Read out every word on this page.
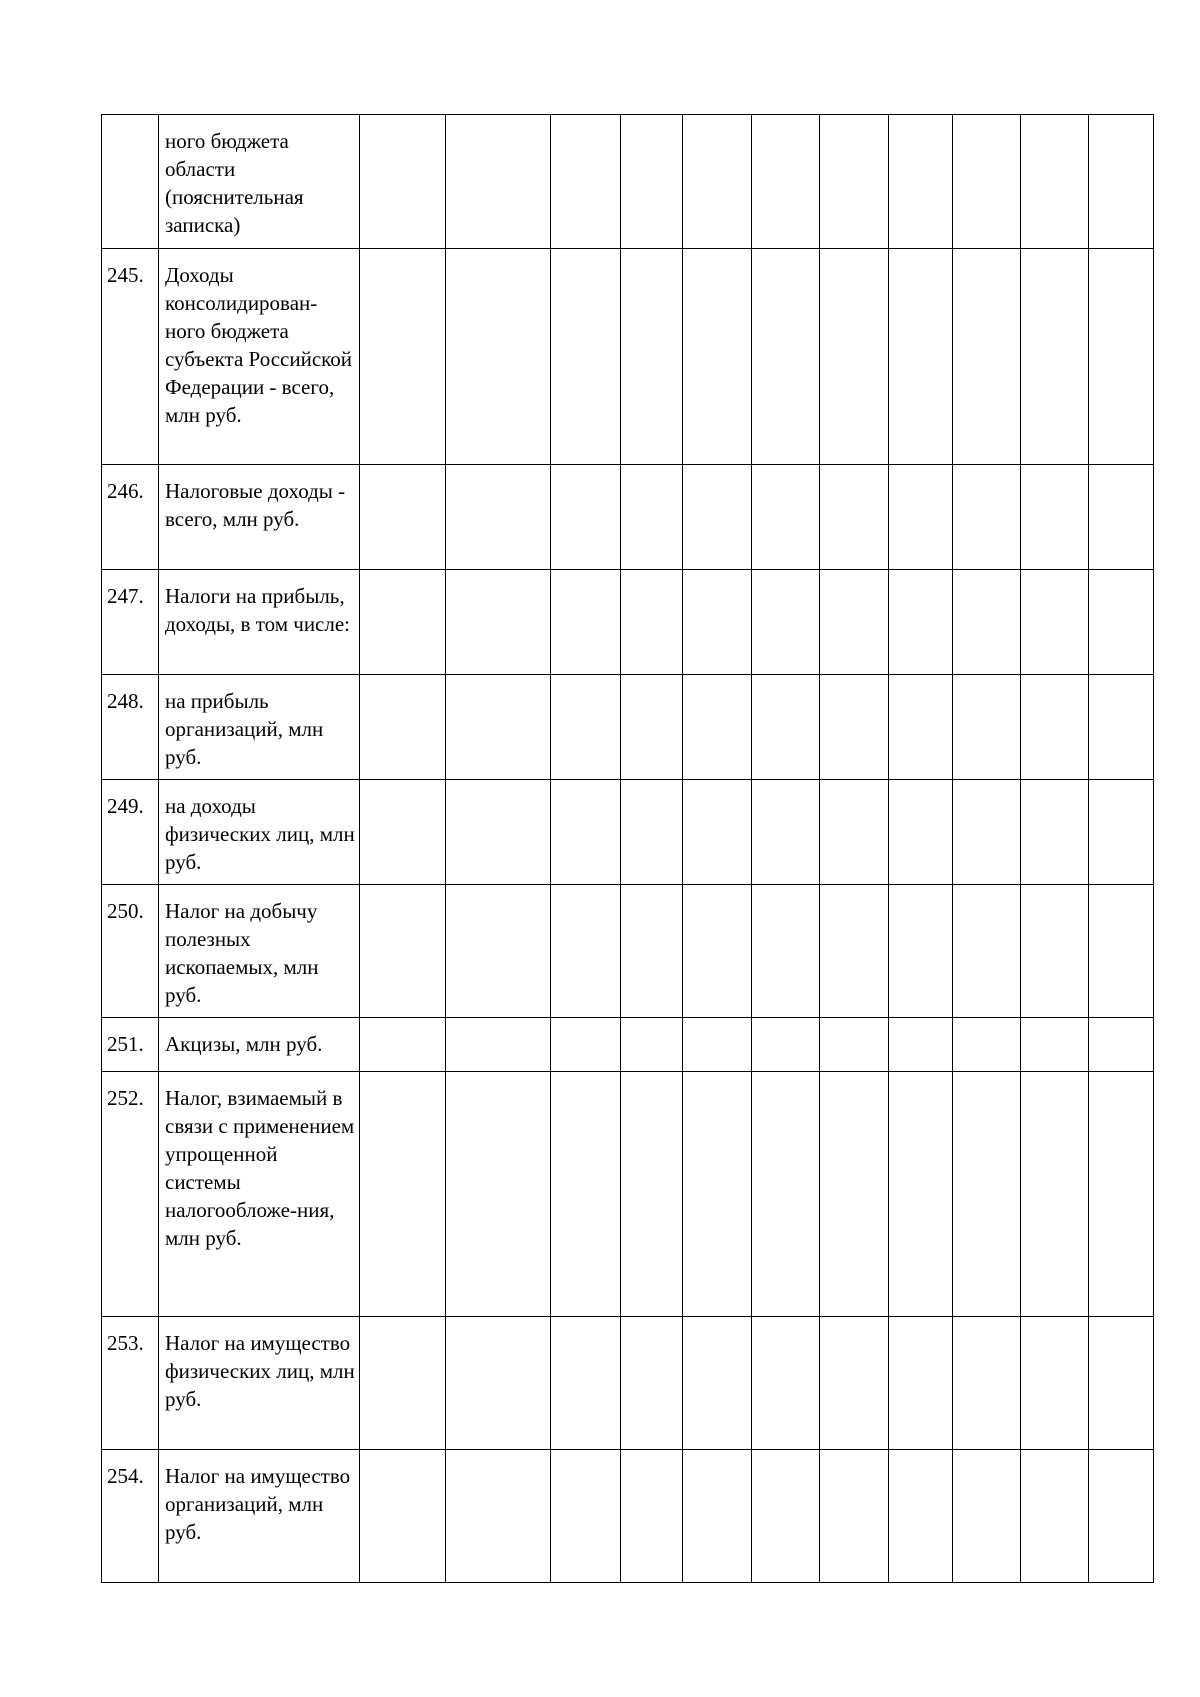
	ного бюджета области (пояснительная записка)											
245.	Доходы консолидирован-ного бюджета субъекта Российской Федерации - всего, млн руб.											
246.	Налоговые доходы - всего, млн руб.											
247.	Налоги на прибыль, доходы, в том числе:											
248.	на прибыль организаций, млн руб.											
249.	на доходы физических лиц, млн руб.											
250.	Налог на добычу полезных ископаемых, млн руб.											
251.	Акцизы, млн руб.											
252.	Налог, взимаемый в связи с применением упрощенной системы налогообложе-ния, млн руб.											
253.	Налог на имущество физических лиц, млн руб.											
254.	Налог на имущество организаций, млн руб.											
